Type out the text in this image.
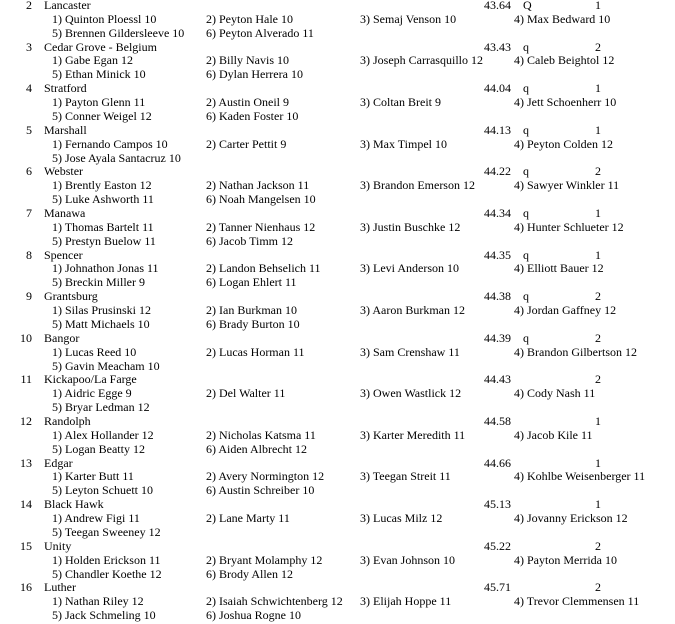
2 Lancaster	43.64 Q	1
1) Quinton Ploessl 10	2) Peyton Hale 10	3) Semaj Venson 10	4) Max Bedward 10
5) Brennen Gildersleeve 10 6) Peyton Alverado 11
3 Cedar Grove - Belgium	43.43 q	2
1) Gabe Egan 12	2) Billy Navis 10	3) Joseph Carrasquillo 12	4) Caleb Beightol 12
5) Ethan Minick 10	6) Dylan Herrera 10
4 Stratford	44.04 q	1
1) Payton Glenn 11	2) Austin Oneil 9	3) Coltan Breit 9	4) Jett Schoenherr 10
5) Conner Weigel 12	6) Kaden Foster 10
5 Marshall	44.13 q	1
1) Fernando Campos 10	2) Carter Pettit 9	3) Max Timpel 10	4) Peyton Colden 12
5) Jose Ayala Santacruz 10
6 Webster	44.22 q	2
1) Brently Easton 12	2) Nathan Jackson 11	3) Brandon Emerson 12	4) Sawyer Winkler 11
5) Luke Ashworth 11	6) Noah Mangelsen 10
7 Manawa	44.34 q	1
1) Thomas Bartelt 11	2) Tanner Nienhaus 12	3) Justin Buschke 12	4) Hunter Schlueter 12
5) Prestyn Buelow 11	6) Jacob Timm 12
8 Spencer	44.35 q	1
1) Johnathon Jonas 11	2) Landon Behselich 11	3) Levi Anderson 10	4) Elliott Bauer 12
5) Breckin Miller 9	6) Logan Ehlert 11
9 Grantsburg	44.38 q	2
1) Silas Prusinski 12	2) Ian Burkman 10	3) Aaron Burkman 12	4) Jordan Gaffney 12
5) Matt Michaels 10	6) Brady Burton 10
10 Bangor	44.39 q	2
1) Lucas Reed 10	2) Lucas Horman 11	3) Sam Crenshaw 11	4) Brandon Gilbertson 12
5) Gavin Meacham 10
11 Kickapoo/La Farge	44.43	2
1) Aidric Egge 9	2) Del Walter 11	3) Owen Wastlick 12	4) Cody Nash 11
5) Bryar Ledman 12
12 Randolph	44.58	1
1) Alex Hollander 12	2) Nicholas Katsma 11	3) Karter Meredith 11	4) Jacob Kile 11
5) Logan Beatty 12	6) Aiden Albrecht 12
13 Edgar	44.66	1
1) Karter Butt 11	2) Avery Normington 12	3) Teegan Streit 11	4) Kohlbe Weisenberger 11
5) Leyton Schuett 10	6) Austin Schreiber 10
14 Black Hawk	45.13	1
1) Andrew Figi 11	2) Lane Marty 11	3) Lucas Milz 12	4) Jovanny Erickson 12
5) Teegan Sweeney 12
15 Unity	45.22	2
1) Holden Erickson 11	2) Bryant Molamphy 12	3) Evan Johnson 10	4) Payton Merrida 10
5) Chandler Koethe 12	6) Brody Allen 12
16 Luther	45.71	2
1) Nathan Riley 12	2) Isaiah Schwichtenberg 12 3) Elijah Hoppe 11	4) Trevor Clemmensen 11
5) Jack Schmeling 10	6) Joshua Rogne 10
